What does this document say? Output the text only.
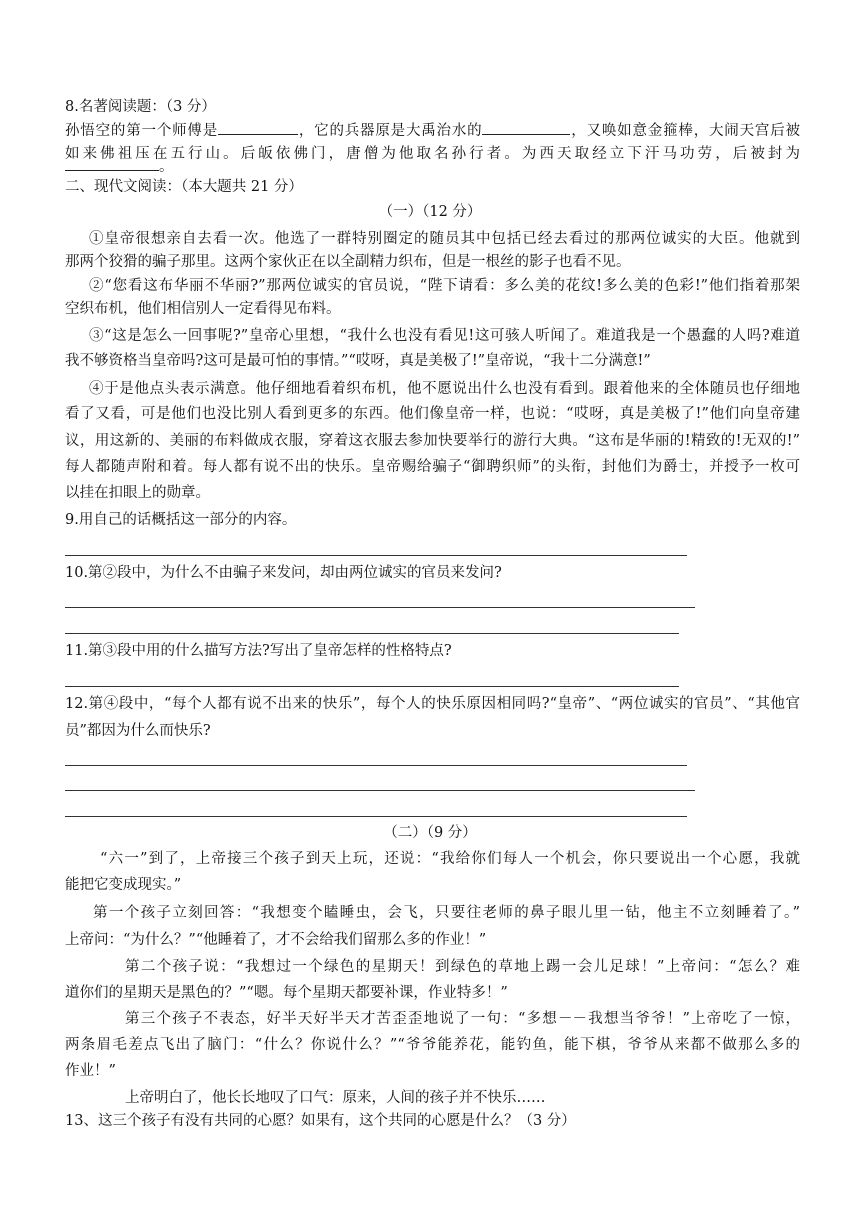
8.名著阅读题：（3 分）
孙悟空的第一个师傅是	，它的兵器原是大禹治水的	，又唤如意金箍棒，大闹天宫后被
如来佛祖压在五行山。后皈依佛门，唐僧为他取名孙行者。为西天取经立下汗马功劳，后被封为
。
二、现代文阅读：（本大题共 21 分）
（一）（12 分）
①皇帝很想亲自去看一次。他选了一群特别圈定的随员其中包括已经去看过的那两位诚实的大臣。他就到
那两个狡猾的骗子那里。这两个家伙正在以全副精力织布，但是一根丝的影子也看不见。
②“您看这布华丽不华丽?”那两位诚实的官员说，“陛下请看：多么美的花纹!多么美的色彩!”他们指着那架
空织布机，他们相信别人一定看得见布料。
③“这是怎么一回事呢?”皇帝心里想，“我什么也没有看见!这可骇人听闻了。难道我是一个愚蠢的人吗?难道
我不够资格当皇帝吗?这可是最可怕的事情。”“哎呀，真是美极了!”皇帝说，“我十二分满意!”
④于是他点头表示满意。他仔细地看着织布机，他不愿说出什么也没有看到。跟着他来的全体随员也仔细地
看了又看，可是他们也没比别人看到更多的东西。他们像皇帝一样，也说：“哎呀，真是美极了!”他们向皇帝建
议，用这新的、美丽的布料做成衣服，穿着这衣服去参加快要举行的游行大典。“这布是华丽的!精致的!无双的!”
每人都随声附和着。每人都有说不出的快乐。皇帝赐给骗子“御聘织师”的头衔，封他们为爵士，并授予一枚可
以挂在扣眼上的勋章。
9.用自己的话概括这一部分的内容。
10.第②段中，为什么不由骗子来发问，却由两位诚实的官员来发问?
11.第③段中用的什么描写方法?写出了皇帝怎样的性格特点?
12.第④段中，“每个人都有说不出来的快乐”，每个人的快乐原因相同吗?“皇帝”、“两位诚实的官员”、“其他官
员”都因为什么而快乐?
（二）（9 分）
“六一”到了，上帝接三个孩子到天上玩，还说：“我给你们每人一个机会，你只要说出一个心愿，我就
能把它变成现实。”
第一个孩子立刻回答：“我想变个瞌睡虫，会飞，只要往老师的鼻子眼儿里一钻，他主不立刻睡着了。”
上帝问：“为什么？”“他睡着了，才不会给我们留那么多的作业！”
第二个孩子说：“我想过一个绿色的星期天！到绿色的草地上踢一会儿足球！”上帝问：“怎么？难
道你们的星期天是黑色的？”“嗯。每个星期天都要补课，作业特多！”
第三个孩子不表态，好半天好半天才苦歪歪地说了一句：“多想－－我想当爷爷！”上帝吃了一惊，
两条眉毛差点飞出了脑门：“什么？你说什么？”“爷爷能养花，能钓鱼，能下棋，爷爷从来都不做那么多的
作业！”
上帝明白了，他长长地叹了口气：原来，人间的孩子并不快乐……
13、这三个孩子有没有共同的心愿？如果有，这个共同的心愿是什么？（3 分）
